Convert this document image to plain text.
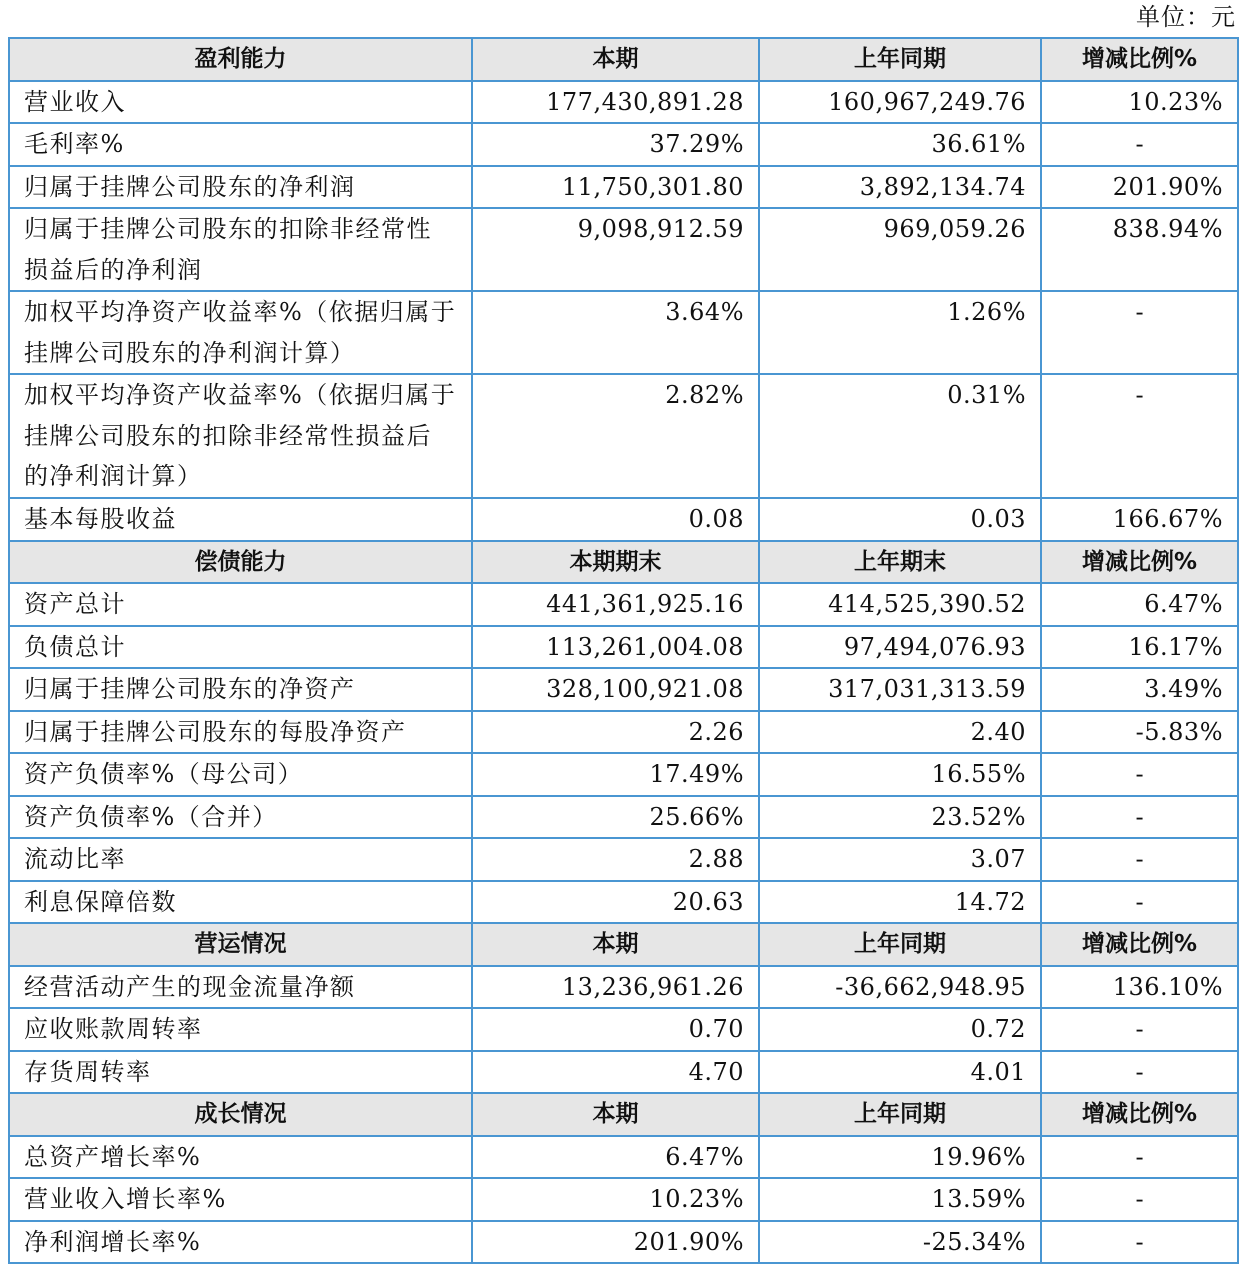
单位：元
盈利能力	本期	上年同期	增减比例%
营业收入	177,430,891.28	160,967,249.76	10.23%
毛利率%	37.29%	36.61%	-
归属于挂牌公司股东的净利润	11,750,301.80	3,892,134.74	201.90%
归属于挂牌公司股东的扣除非经常性损益后的净利润	9,098,912.59	969,059.26	838.94%
加权平均净资产收益率%（依据归属于挂牌公司股东的净利润计算）	3.64%	1.26%	-
加权平均净资产收益率%（依据归属于挂牌公司股东的扣除非经常性损益后的净利润计算）	2.82%	0.31%	-
基本每股收益	0.08	0.03	166.67%
偿债能力	本期期末	上年期末	增减比例%
资产总计	441,361,925.16	414,525,390.52	6.47%
负债总计	113,261,004.08	97,494,076.93	16.17%
归属于挂牌公司股东的净资产	328,100,921.08	317,031,313.59	3.49%
归属于挂牌公司股东的每股净资产	2.26	2.40	-5.83%
资产负债率%（母公司）	17.49%	16.55%	-
资产负债率%（合并）	25.66%	23.52%	-
流动比率	2.88	3.07	-
利息保障倍数	20.63	14.72	-
营运情况	本期	上年同期	增减比例%
经营活动产生的现金流量净额	13,236,961.26	-36,662,948.95	136.10%
应收账款周转率	0.70	0.72	-
存货周转率	4.70	4.01	-
成长情况	本期	上年同期	增减比例%
总资产增长率%	6.47%	19.96%	-
营业收入增长率%	10.23%	13.59%	-
净利润增长率%	201.90%	-25.34%	-
